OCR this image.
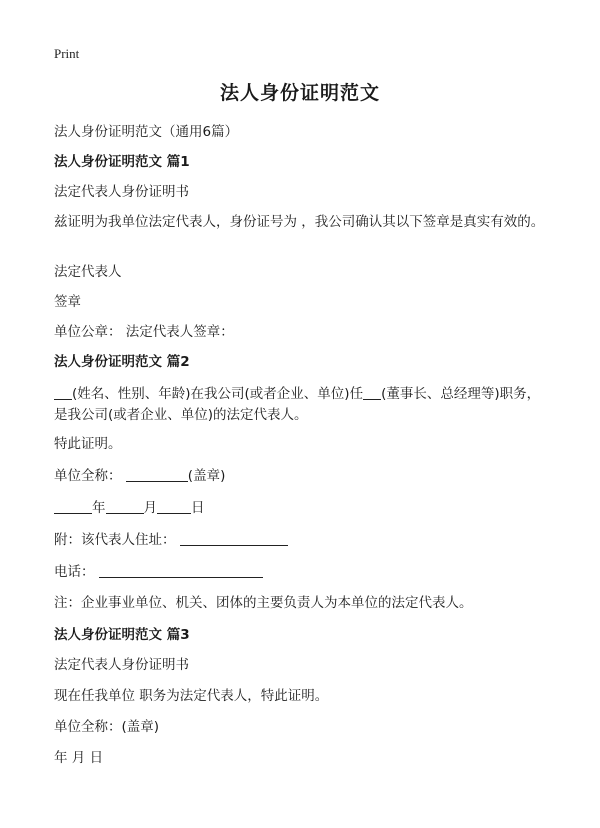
Print
法人身份证明范文
法人身份证明范文（通用6篇）
法人身份证明范文 篇1
法定代表人身份证明书
兹证明为我单位法定代表人，身份证号为 ，我公司确认其以下签章是真实有效的。
法定代表人
签章
单位公章： 法定代表人签章：
法人身份证明范文 篇2
(姓名、性别、年龄)在我公司(或者企业、单位)任 (董事长、总经理等)职务，
是我公司(或者企业、单位)的法定代表人。
特此证明。
单位全称：	(盖章)
年	月	日
附：该代表人住址：
电话：
注：企业事业单位、机关、团体的主要负责人为本单位的法定代表人。
法人身份证明范文 篇3
法定代表人身份证明书
现在任我单位 职务为法定代表人，特此证明。
单位全称：(盖章)
年 月 日
